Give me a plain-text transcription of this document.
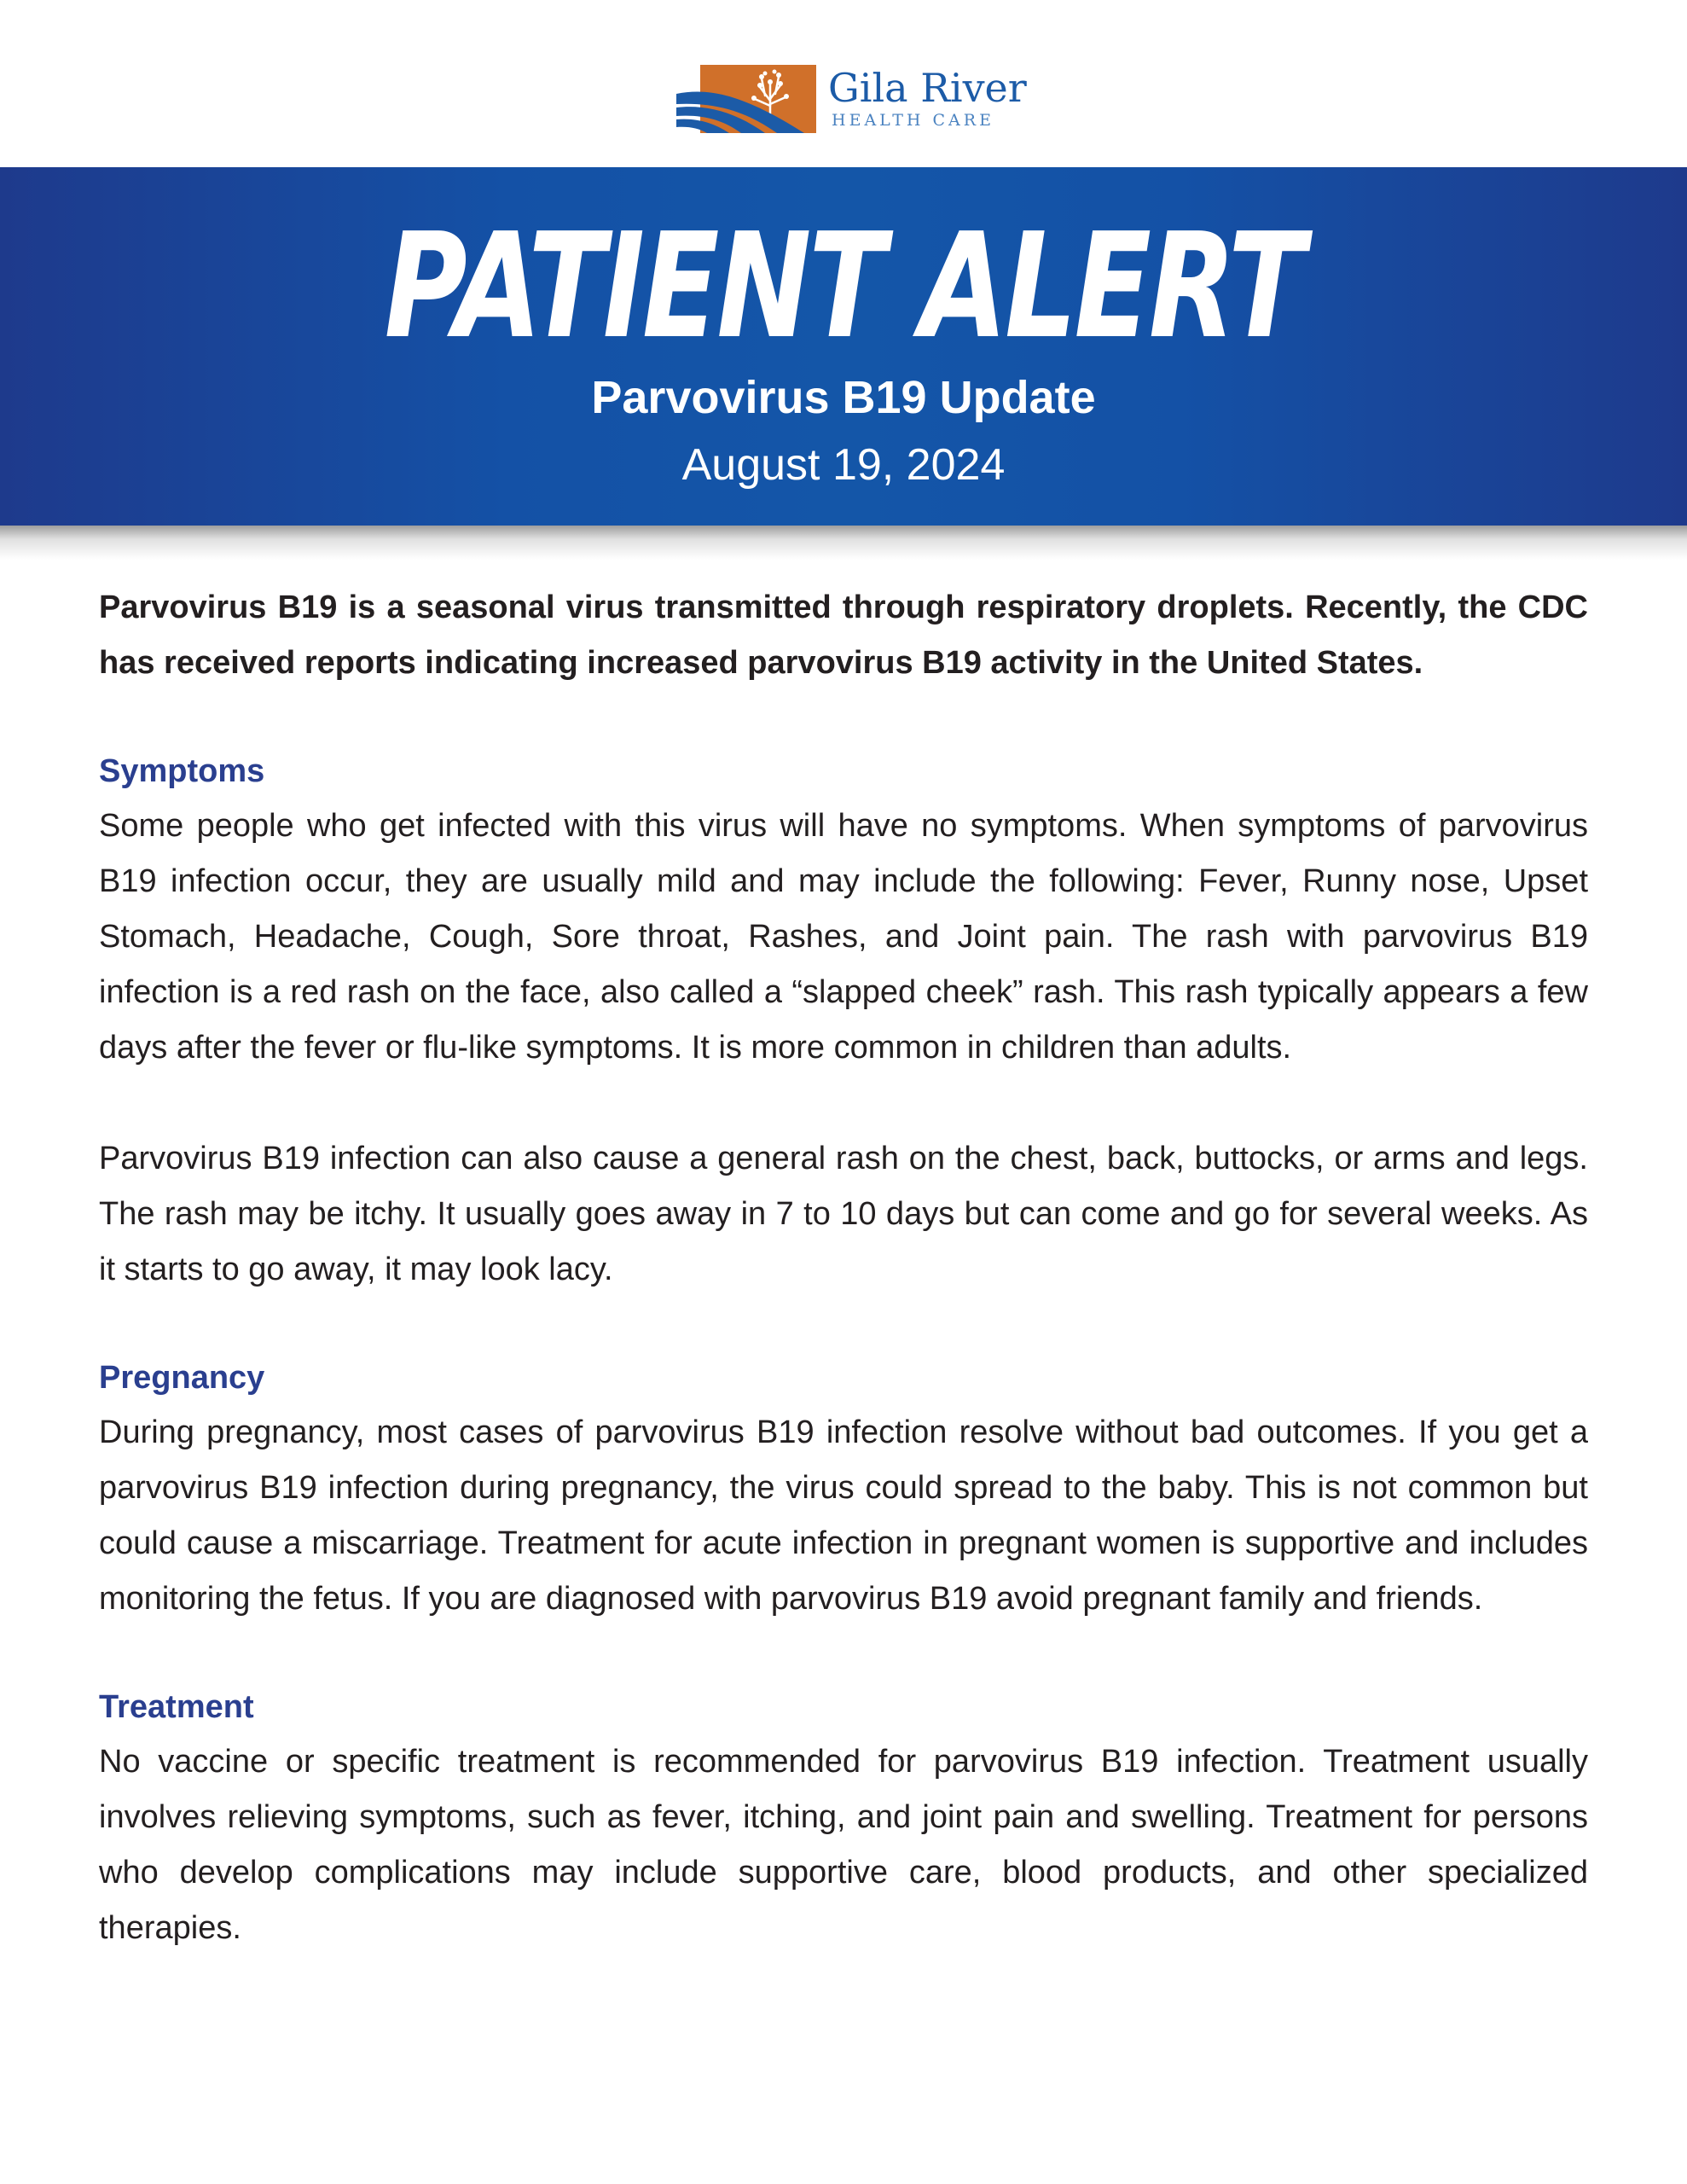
Gila River
HEALTH CARE
PATIENT ALERT
Parvovirus B19 Update
August 19, 2024

Parvovirus B19 is a seasonal virus transmitted through respiratory droplets. Recently, the CDC has received reports indicating increased parvovirus B19 activity in the United States.

Symptoms

Some people who get infected with this virus will have no symptoms. When symptoms of parvovirus B19 infection occur, they are usually mild and may include the following: Fever, Runny nose, Upset Stomach, Headache, Cough, Sore throat, Rashes, and Joint pain. The rash with parvovirus B19 infection is a red rash on the face, also called a “slapped cheek” rash. This rash typically appears a few days after the fever or flu-like symptoms. It is more common in children than adults.

Parvovirus B19 infection can also cause a general rash on the chest, back, buttocks, or arms and legs. The rash may be itchy. It usually goes away in 7 to 10 days but can come and go for several weeks. As it starts to go away, it may look lacy.

Pregnancy

During pregnancy, most cases of parvovirus B19 infection resolve without bad outcomes. If you get a parvovirus B19 infection during pregnancy, the virus could spread to the baby. This is not common but could cause a miscarriage. Treatment for acute infection in pregnant women is supportive and includes monitoring the fetus. If you are diagnosed with parvovirus B19 avoid pregnant family and friends.

Treatment

No vaccine or specific treatment is recommended for parvovirus B19 infection. Treatment usually involves relieving symptoms, such as fever, itching, and joint pain and swelling. Treatment for persons who develop complications may include supportive care, blood products, and other specialized therapies.
